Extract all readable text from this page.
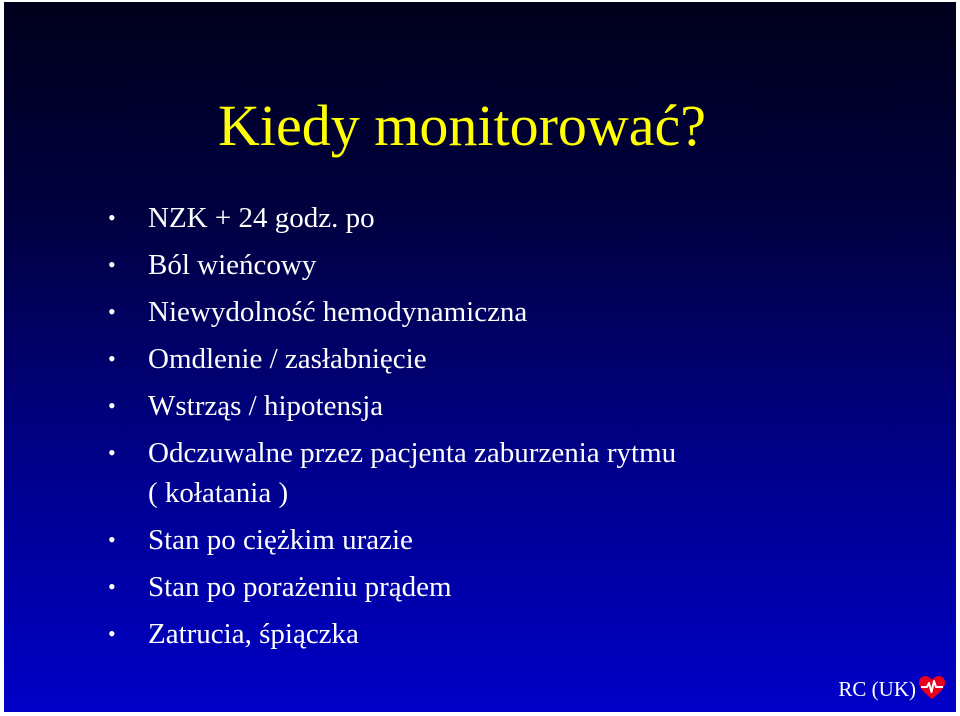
Kiedy monitorować?
• NZK + 24 godz. po
• Ból wieńcowy
• Niewydolność hemodynamiczna
• Omdlenie / zasłabnięcie
• Wstrząs / hipotensja
• Odczuwalne przez pacjenta zaburzenia rytmu
( kołatania )
• Stan po ciężkim urazie
• Stan po porażeniu prądem
• Zatrucia, śpiączka
RC (UK)
